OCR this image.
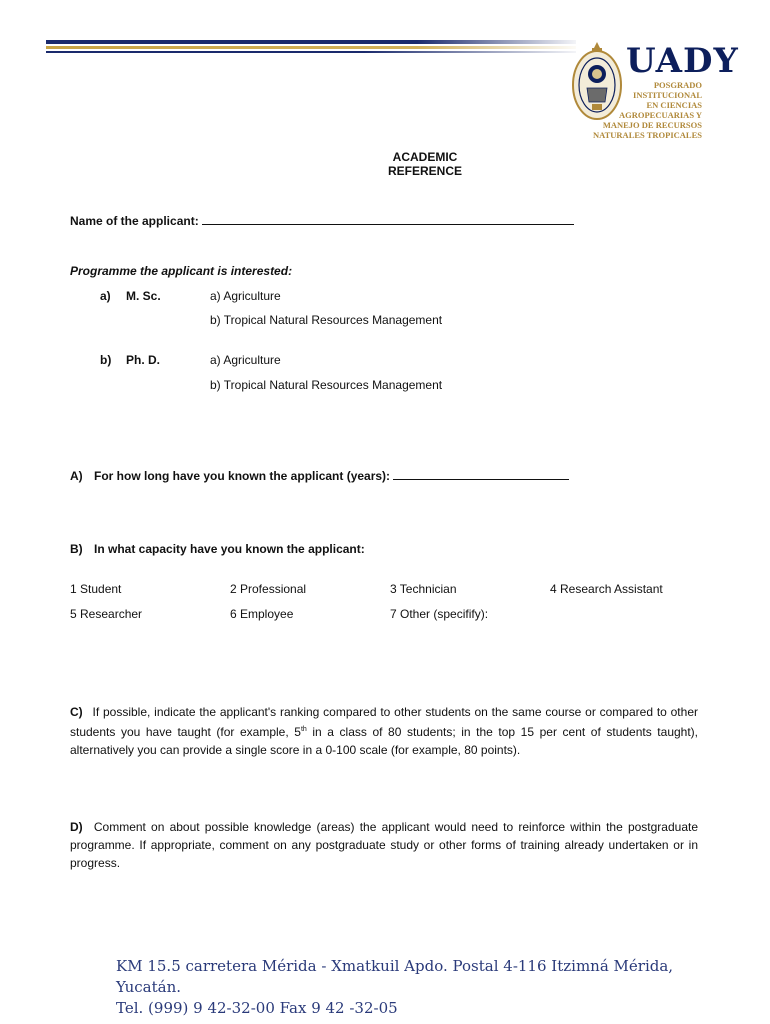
UADY
POSGRADO
INSTITUCIONAL
EN CIENCIAS
AGROPECUARIAS Y
MANEJO DE RECURSOS
NATURALES TROPICALES
ACADEMIC REFERENCE
Name of the applicant:
Programme the applicant is interested:
a) M. Sc.	a) Agriculture
b) Tropical Natural Resources Management
b) Ph. D.	a) Agriculture
b) Tropical Natural Resources Management
A) For how long have you known the applicant (years):
B) In what capacity have you known the applicant:
1 Student	2 Professional	3 Technician	4 Research Assistant
5 Researcher	6 Employee	7 Other (specifify):
C) If possible, indicate the applicant's ranking compared to other students on the same course or compared to other students you have taught (for example, 5th in a class of 80 students; in the top 15 per cent of students taught), alternatively you can provide a single score in a 0-100 scale (for example, 80 points).
D) Comment on about possible knowledge (areas) the applicant would need to reinforce within the postgraduate programme. If appropriate, comment on any postgraduate study or other forms of training already undertaken or in progress.
KM 15.5 carretera Mérida - Xmatkuil Apdo. Postal 4-116 Itzimná Mérida, Yucatán.
Tel. (999) 9 42-32-00 Fax 9 42 -32-05
